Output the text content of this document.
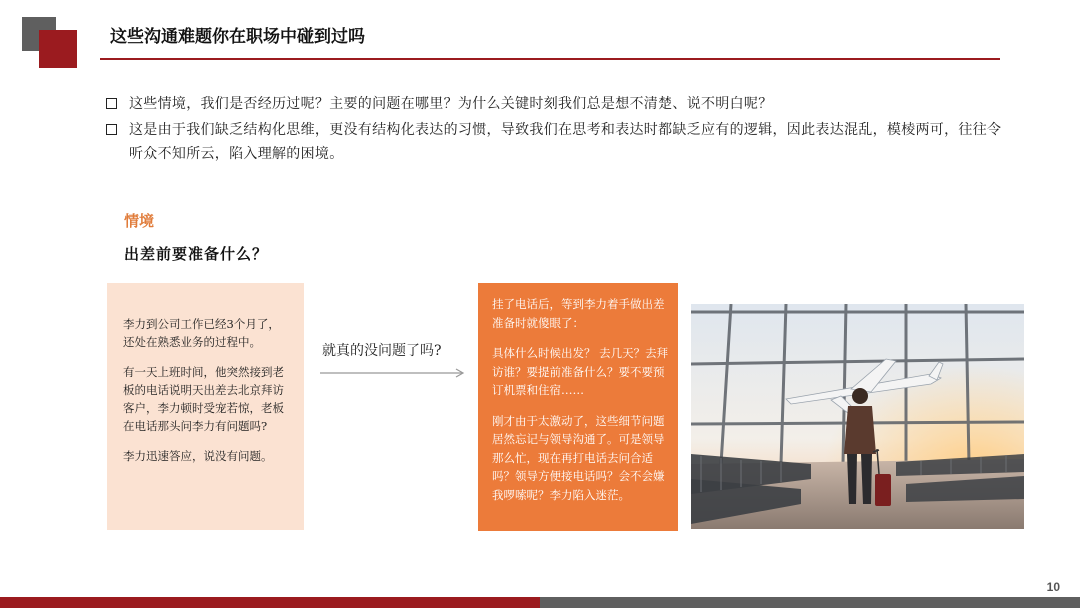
这些沟通难题你在职场中碰到过吗
这些情境，我们是否经历过呢？主要的问题在哪里？为什么关键时刻我们总是想不清楚、说不明白呢？
这是由于我们缺乏结构化思维，更没有结构化表达的习惯，导致我们在思考和表达时都缺乏应有的逻辑，因此表达混乱，模棱两可，往往令听众不知所云，陷入理解的困境。
情境
出差前要准备什么？

李力到公司工作已经3个月了，还处在熟悉业务的过程中。

有一天上班时间，他突然接到老板的电话说明天出差去北京拜访客户，李力顿时受宠若惊，老板在电话那头问李力有问题吗?

李力迅速答应，说没有问题。

就真的没问题了吗?

挂了电话后，等到李力着手做出差准备时就傻眼了：

具体什么时候出发？ 去几天？去拜访谁？要提前准备什么？要不要预订机票和住宿……

刚才由于太激动了，这些细节问题居然忘记与领导沟通了。可是领导那么忙，现在再打电话去问合适吗？领导方便接电话吗？会不会嫌我啰嗦呢？李力陷入迷茫。

10
